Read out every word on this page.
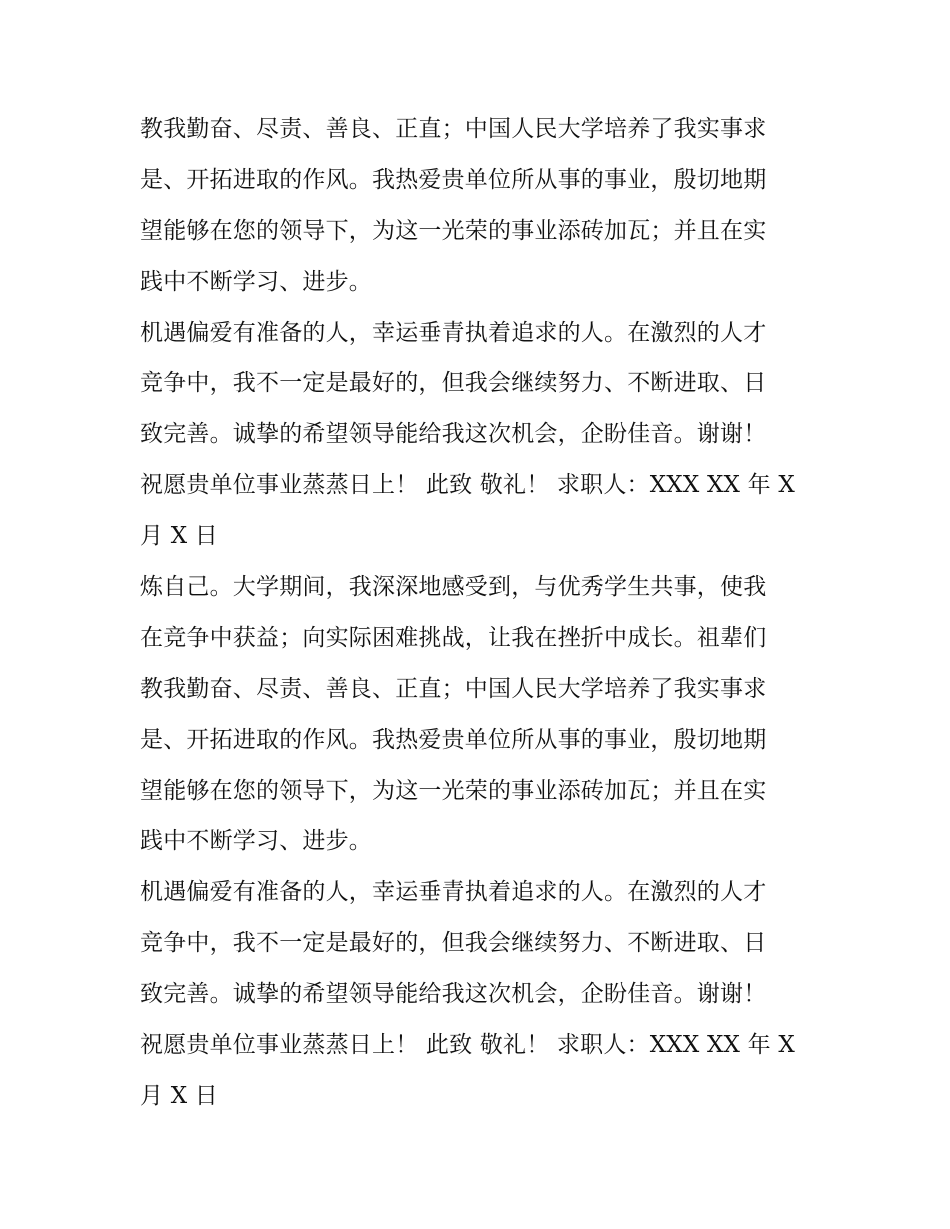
教我勤奋、尽责、善良、正直；中国人民大学培养了我实事求
是、开拓进取的作风。我热爱贵单位所从事的事业，殷切地期
望能够在您的领导下，为这一光荣的事业添砖加瓦；并且在实
践中不断学习、进步。
机遇偏爱有准备的人，幸运垂青执着追求的人。在激烈的人才
竞争中，我不一定是最好的，但我会继续努力、不断进取、日
致完善。诚挚的希望领导能给我这次机会，企盼佳音。谢谢！
祝愿贵单位事业蒸蒸日上！ 此致 敬礼！ 求职人：XXX XX 年 X
月 X 日
炼自己。大学期间，我深深地感受到，与优秀学生共事，使我
在竞争中获益；向实际困难挑战，让我在挫折中成长。祖辈们
教我勤奋、尽责、善良、正直；中国人民大学培养了我实事求
是、开拓进取的作风。我热爱贵单位所从事的事业，殷切地期
望能够在您的领导下，为这一光荣的事业添砖加瓦；并且在实
践中不断学习、进步。
机遇偏爱有准备的人，幸运垂青执着追求的人。在激烈的人才
竞争中，我不一定是最好的，但我会继续努力、不断进取、日
致完善。诚挚的希望领导能给我这次机会，企盼佳音。谢谢！
祝愿贵单位事业蒸蒸日上！ 此致 敬礼！ 求职人：XXX XX 年 X
月 X 日
